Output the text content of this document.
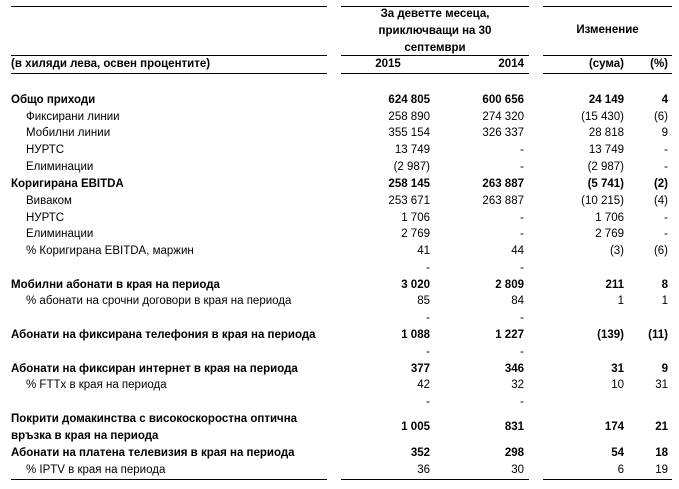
За деветте месеца,
приключващи на 30
септември
Изменение
(в хиляди лева, освен процентите)	2015	2014	(сума) (%)
Общо приходи	624 805	600 656	24 149	4
Фиксирани линии	258 890	274 320	(15 430)	(6)
Мобилни линии	355 154	326 337	28 818	9
НУРТС	13 749	-	13 749	-
Елиминации	(2 987)	-	(2 987)	-
Коригирана EBITDA	258 145	263 887	(5 741)	(2)
Виваком	253 671	263 887	(10 215)	(4)
НУРТС	1 706	-	1 706	-
Елиминации	2 769	-	2 769	-
% Коригирана EBITDA, маржин	41	44	(3)	(6)
-	-
Мобилни абонати в края на периода	3 020	2 809	211	8
% абонати на срочни договори в края на периода	85	84	1	1
-	-
Абонати на фиксирана телефония в края на периода	1 088	1 227	(139) (11)
-	-
Абонати на фиксиран интернет в края на периода	377	346	31	9
% FTTx в края на периода	42	32	10	31
-	-
Покрити домакинства с високоскоростна оптична
връзка в края на периода
1 005	831	174	21
Абонати на платена телевизия в края на периода	352	298	54	18
% IPTV в края на периода	36	30	6	19
